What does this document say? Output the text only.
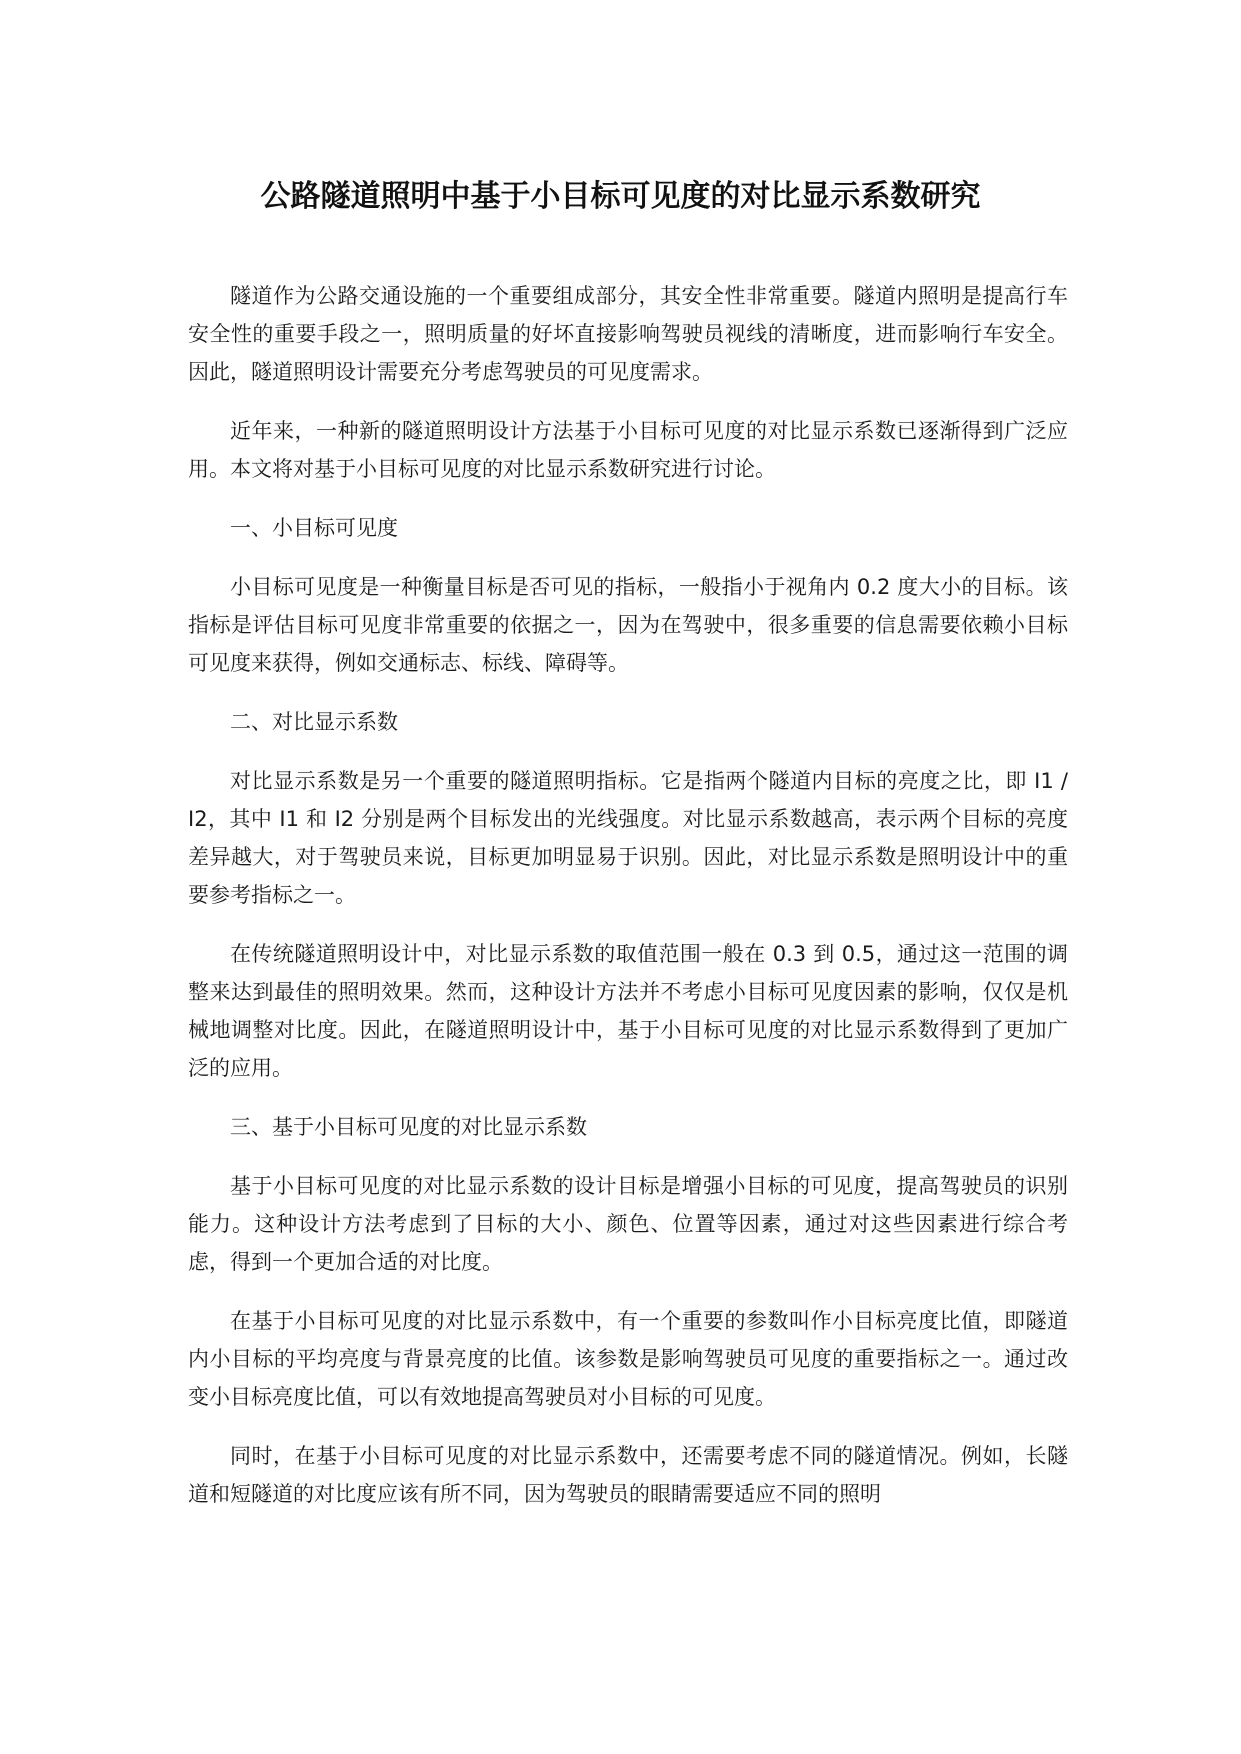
公路隧道照明中基于小目标可见度的对比显示系数研究

隧道作为公路交通设施的一个重要组成部分，其安全性非常重要。隧道内照明是提高行车安全性的重要手段之一，照明质量的好坏直接影响驾驶员视线的清晰度，进而影响行车安全。因此，隧道照明设计需要充分考虑驾驶员的可见度需求。

近年来，一种新的隧道照明设计方法基于小目标可见度的对比显示系数已逐渐得到广泛应用。本文将对基于小目标可见度的对比显示系数研究进行讨论。

一、小目标可见度

小目标可见度是一种衡量目标是否可见的指标，一般指小于视角内 0.2 度大小的目标。该指标是评估目标可见度非常重要的依据之一，因为在驾驶中，很多重要的信息需要依赖小目标可见度来获得，例如交通标志、标线、障碍等。

二、对比显示系数

对比显示系数是另一个重要的隧道照明指标。它是指两个隧道内目标的亮度之比，即 I1 / I2，其中 I1 和 I2 分别是两个目标发出的光线强度。对比显示系数越高，表示两个目标的亮度差异越大，对于驾驶员来说，目标更加明显易于识别。因此，对比显示系数是照明设计中的重要参考指标之一。

在传统隧道照明设计中，对比显示系数的取值范围一般在 0.3 到 0.5，通过这一范围的调整来达到最佳的照明效果。然而，这种设计方法并不考虑小目标可见度因素的影响，仅仅是机械地调整对比度。因此，在隧道照明设计中，基于小目标可见度的对比显示系数得到了更加广泛的应用。

三、基于小目标可见度的对比显示系数

基于小目标可见度的对比显示系数的设计目标是增强小目标的可见度，提高驾驶员的识别能力。这种设计方法考虑到了目标的大小、颜色、位置等因素，通过对这些因素进行综合考虑，得到一个更加合适的对比度。

在基于小目标可见度的对比显示系数中，有一个重要的参数叫作小目标亮度比值，即隧道内小目标的平均亮度与背景亮度的比值。该参数是影响驾驶员可见度的重要指标之一。通过改变小目标亮度比值，可以有效地提高驾驶员对小目标的可见度。

同时，在基于小目标可见度的对比显示系数中，还需要考虑不同的隧道情况。例如，长隧道和短隧道的对比度应该有所不同，因为驾驶员的眼睛需要适应不同的照明
